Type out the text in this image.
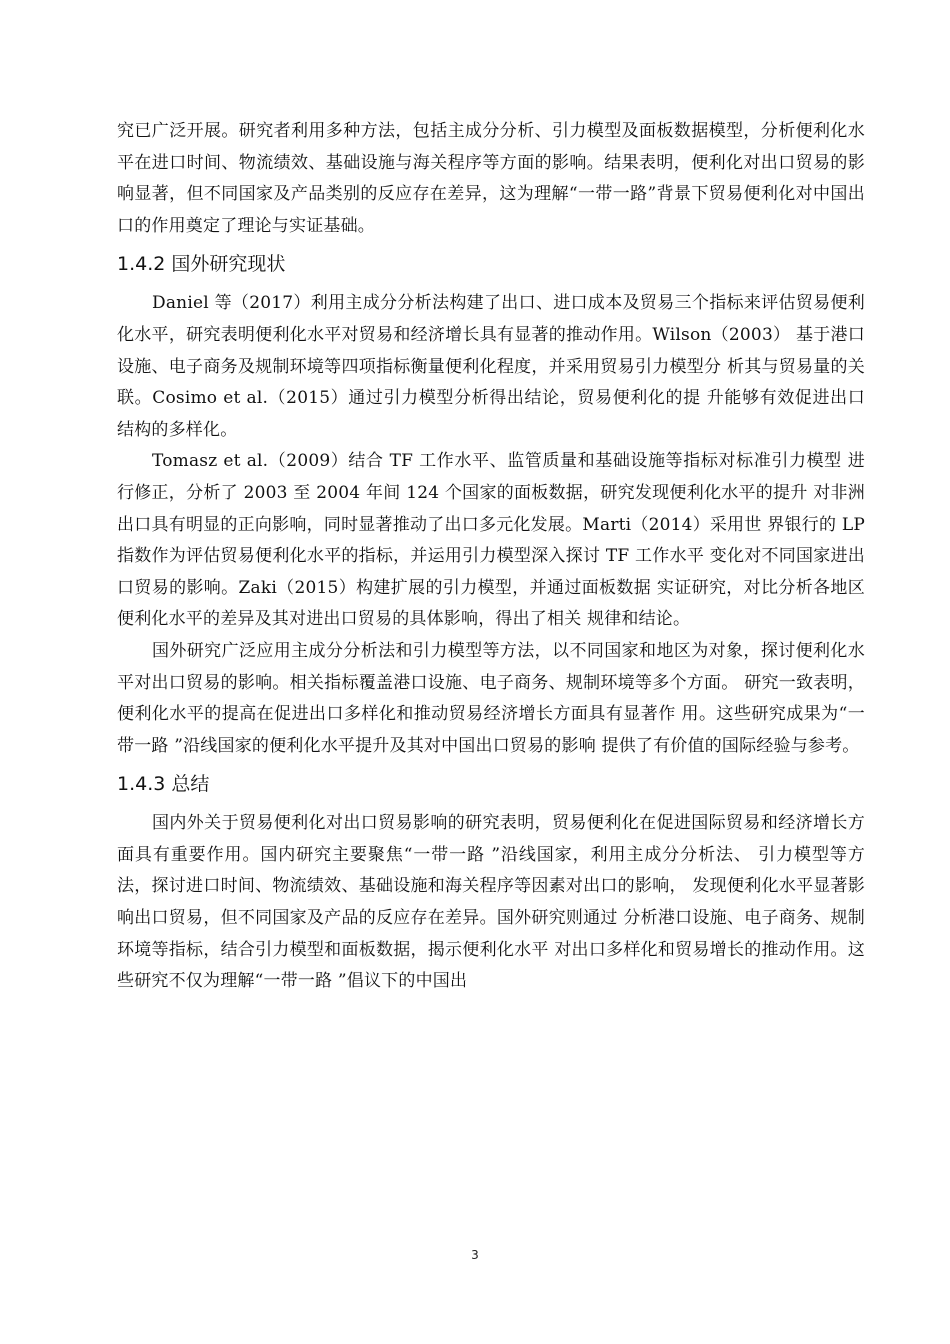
究已广泛开展。研究者利用多种方法，包括主成分分析、引力模型及面板数据模型，分析便利化水平在进口时间、物流绩效、基础设施与海关程序等方面的影响。结果表明，便利化对出口贸易的影响显著，但不同国家及产品类别的反应存在差异，这为理解“一带一路”背景下贸易便利化对中国出口的作用奠定了理论与实证基础。

1.4.2 国外研究现状

Daniel 等（2017）利用主成分分析法构建了出口、进口成本及贸易三个指标来评估贸易便利化水平，研究表明便利化水平对贸易和经济增长具有显著的推动作用。Wilson（2003） 基于港口设施、电子商务及规制环境等四项指标衡量便利化程度，并采用贸易引力模型分 析其与贸易量的关联。Cosimo et al.（2015）通过引力模型分析得出结论，贸易便利化的提 升能够有效促进出口结构的多样化。

Tomasz et al.（2009）结合 TF 工作水平、监管质量和基础设施等指标对标准引力模型 进行修正，分析了 2003 至 2004 年间 124 个国家的面板数据，研究发现便利化水平的提升 对非洲出口具有明显的正向影响，同时显著推动了出口多元化发展。Marti（2014）采用世 界银行的 LP 指数作为评估贸易便利化水平的指标，并运用引力模型深入探讨 TF 工作水平 变化对不同国家进出口贸易的影响。Zaki（2015）构建扩展的引力模型，并通过面板数据 实证研究，对比分析各地区便利化水平的差异及其对进出口贸易的具体影响，得出了相关 规律和结论。

国外研究广泛应用主成分分析法和引力模型等方法，以不同国家和地区为对象，探讨便利化水平对出口贸易的影响。相关指标覆盖港口设施、电子商务、规制环境等多个方面。 研究一致表明，便利化水平的提高在促进出口多样化和推动贸易经济增长方面具有显著作 用。这些研究成果为“一带一路 ”沿线国家的便利化水平提升及其对中国出口贸易的影响 提供了有价值的国际经验与参考。

1.4.3 总结

国内外关于贸易便利化对出口贸易影响的研究表明，贸易便利化在促进国际贸易和经济增长方面具有重要作用。国内研究主要聚焦“一带一路 ”沿线国家，利用主成分分析法、 引力模型等方法，探讨进口时间、物流绩效、基础设施和海关程序等因素对出口的影响， 发现便利化水平显著影响出口贸易，但不同国家及产品的反应存在差异。国外研究则通过 分析港口设施、电子商务、规制环境等指标，结合引力模型和面板数据，揭示便利化水平 对出口多样化和贸易增长的推动作用。这些研究不仅为理解“一带一路 ”倡议下的中国出

3
